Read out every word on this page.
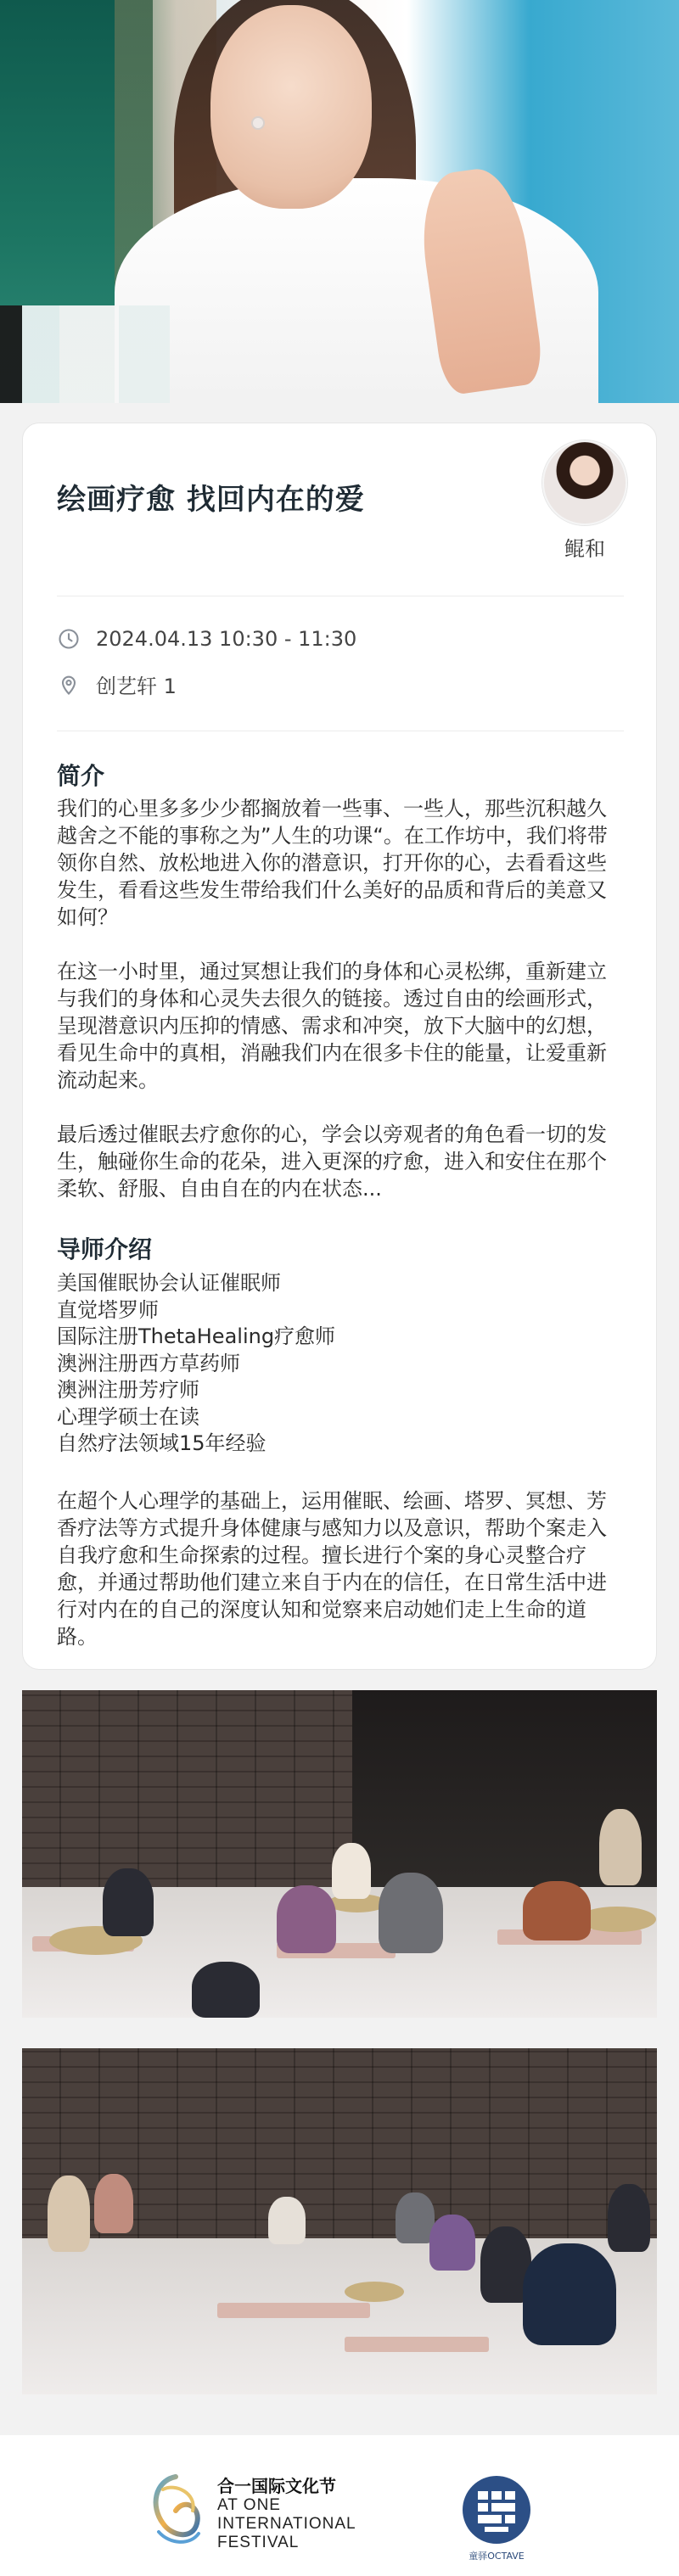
绘画疗愈 找回内在的爱
鲲和
2024.04.13 10:30 - 11:30
创艺轩 1
简介
我们的心里多多少少都搁放着一些事、一些人，那些沉积越久越舍之不能的事称之为”人生的功课“。在工作坊中，我们将带领你自然、放松地进入你的潜意识，打开你的心，去看看这些发生，看看这些发生带给我们什么美好的品质和背后的美意又如何？
在这一小时里，通过冥想让我们的身体和心灵松绑，重新建立与我们的身体和心灵失去很久的链接。透过自由的绘画形式，呈现潜意识内压抑的情感、需求和冲突，放下大脑中的幻想，看见生命中的真相，消融我们内在很多卡住的能量，让爱重新流动起来。
最后透过催眠去疗愈你的心，学会以旁观者的角色看一切的发生，触碰你生命的花朵，进入更深的疗愈，进入和安住在那个柔软、舒服、自由自在的内在状态...
导师介绍
美国催眠协会认证催眠师
直觉塔罗师
国际注册ThetaHealing疗愈师
澳洲注册西方草药师
澳洲注册芳疗师
心理学硕士在读
自然疗法领域15年经验
在超个人心理学的基础上，运用催眠、绘画、塔罗、冥想、芳香疗法等方式提升身体健康与感知力以及意识，帮助个案走入自我疗愈和生命探索的过程。擅长进行个案的身心灵整合疗愈，并通过帮助他们建立来自于内在的信任，在日常生活中进行对内在的自己的深度认知和觉察来启动她们走上生命的道路。
合一国际文化节
AT ONE
INTERNATIONAL
FESTIVAL
童驿OCTAVE
